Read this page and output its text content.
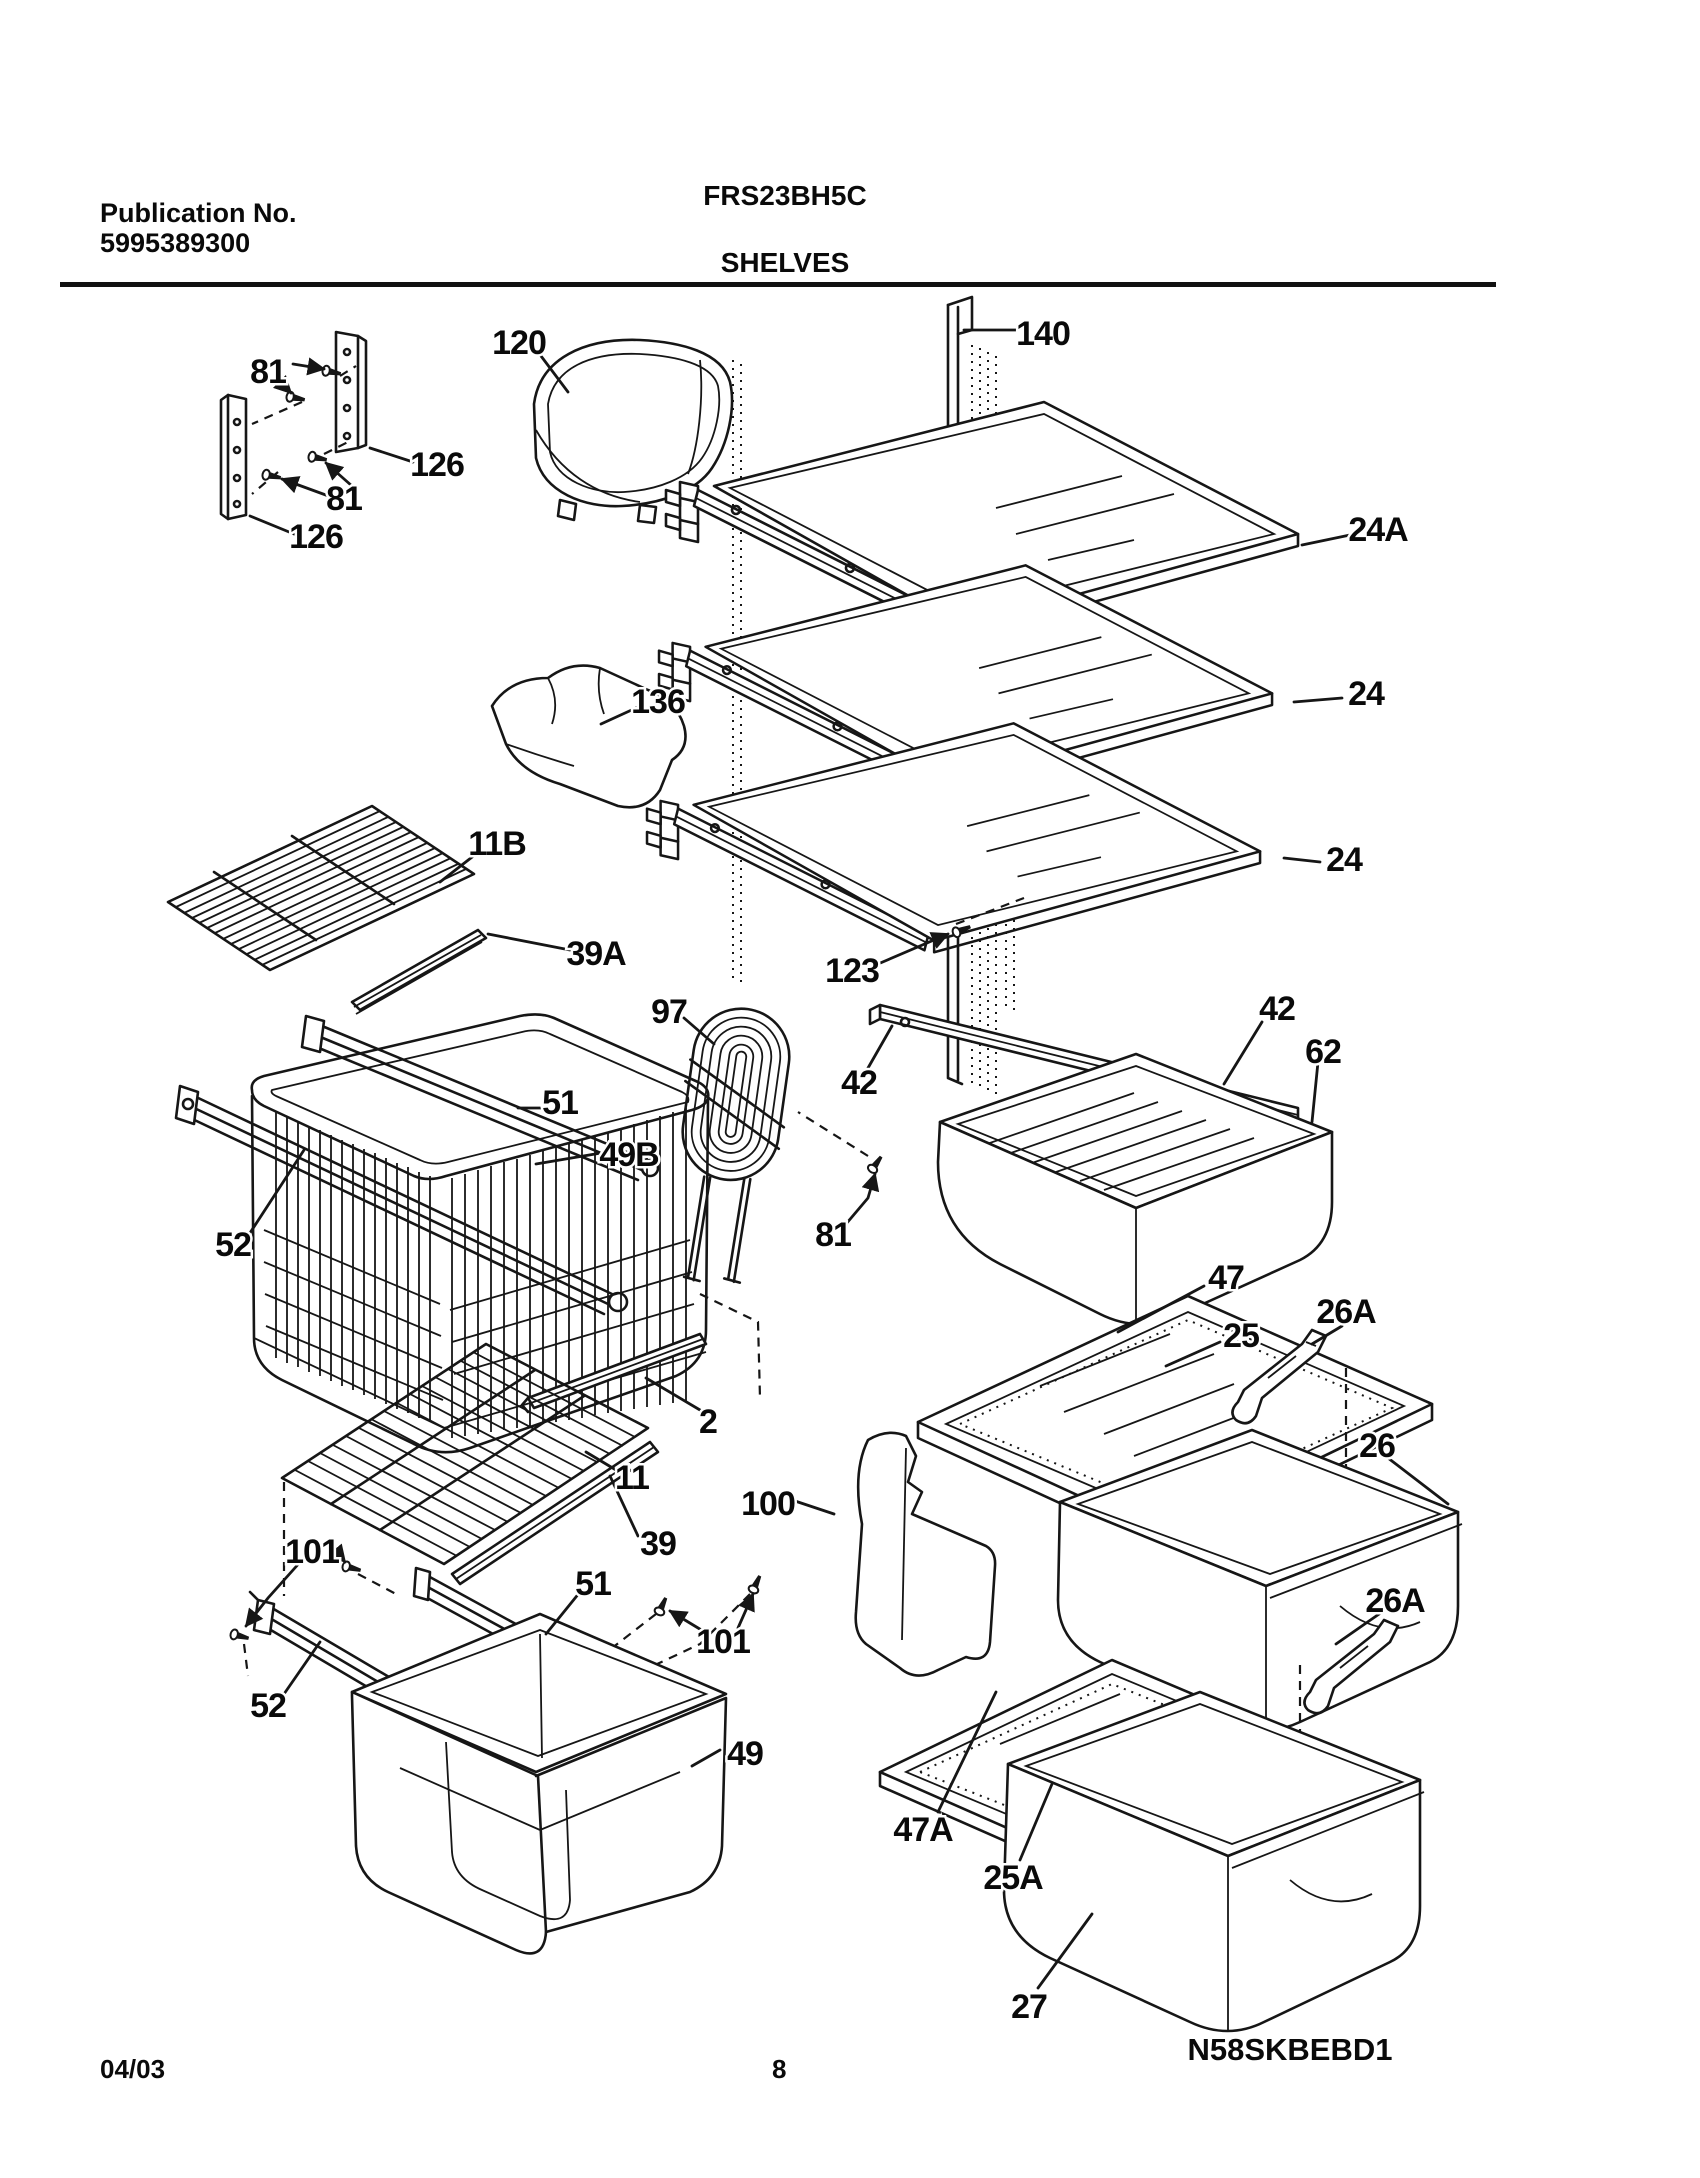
Publication No.
5995389300
FRS23BH5C
SHELVES
81
126
81
126
120	140
24A
24
24
136
11B
39A
97
123
42
42
62
51
49B
52	81
2
11
39
101
51
101
52
49
100
47
25
26A
26
26A
47A
25A
27
N58SKBEBD1
04/03	8
